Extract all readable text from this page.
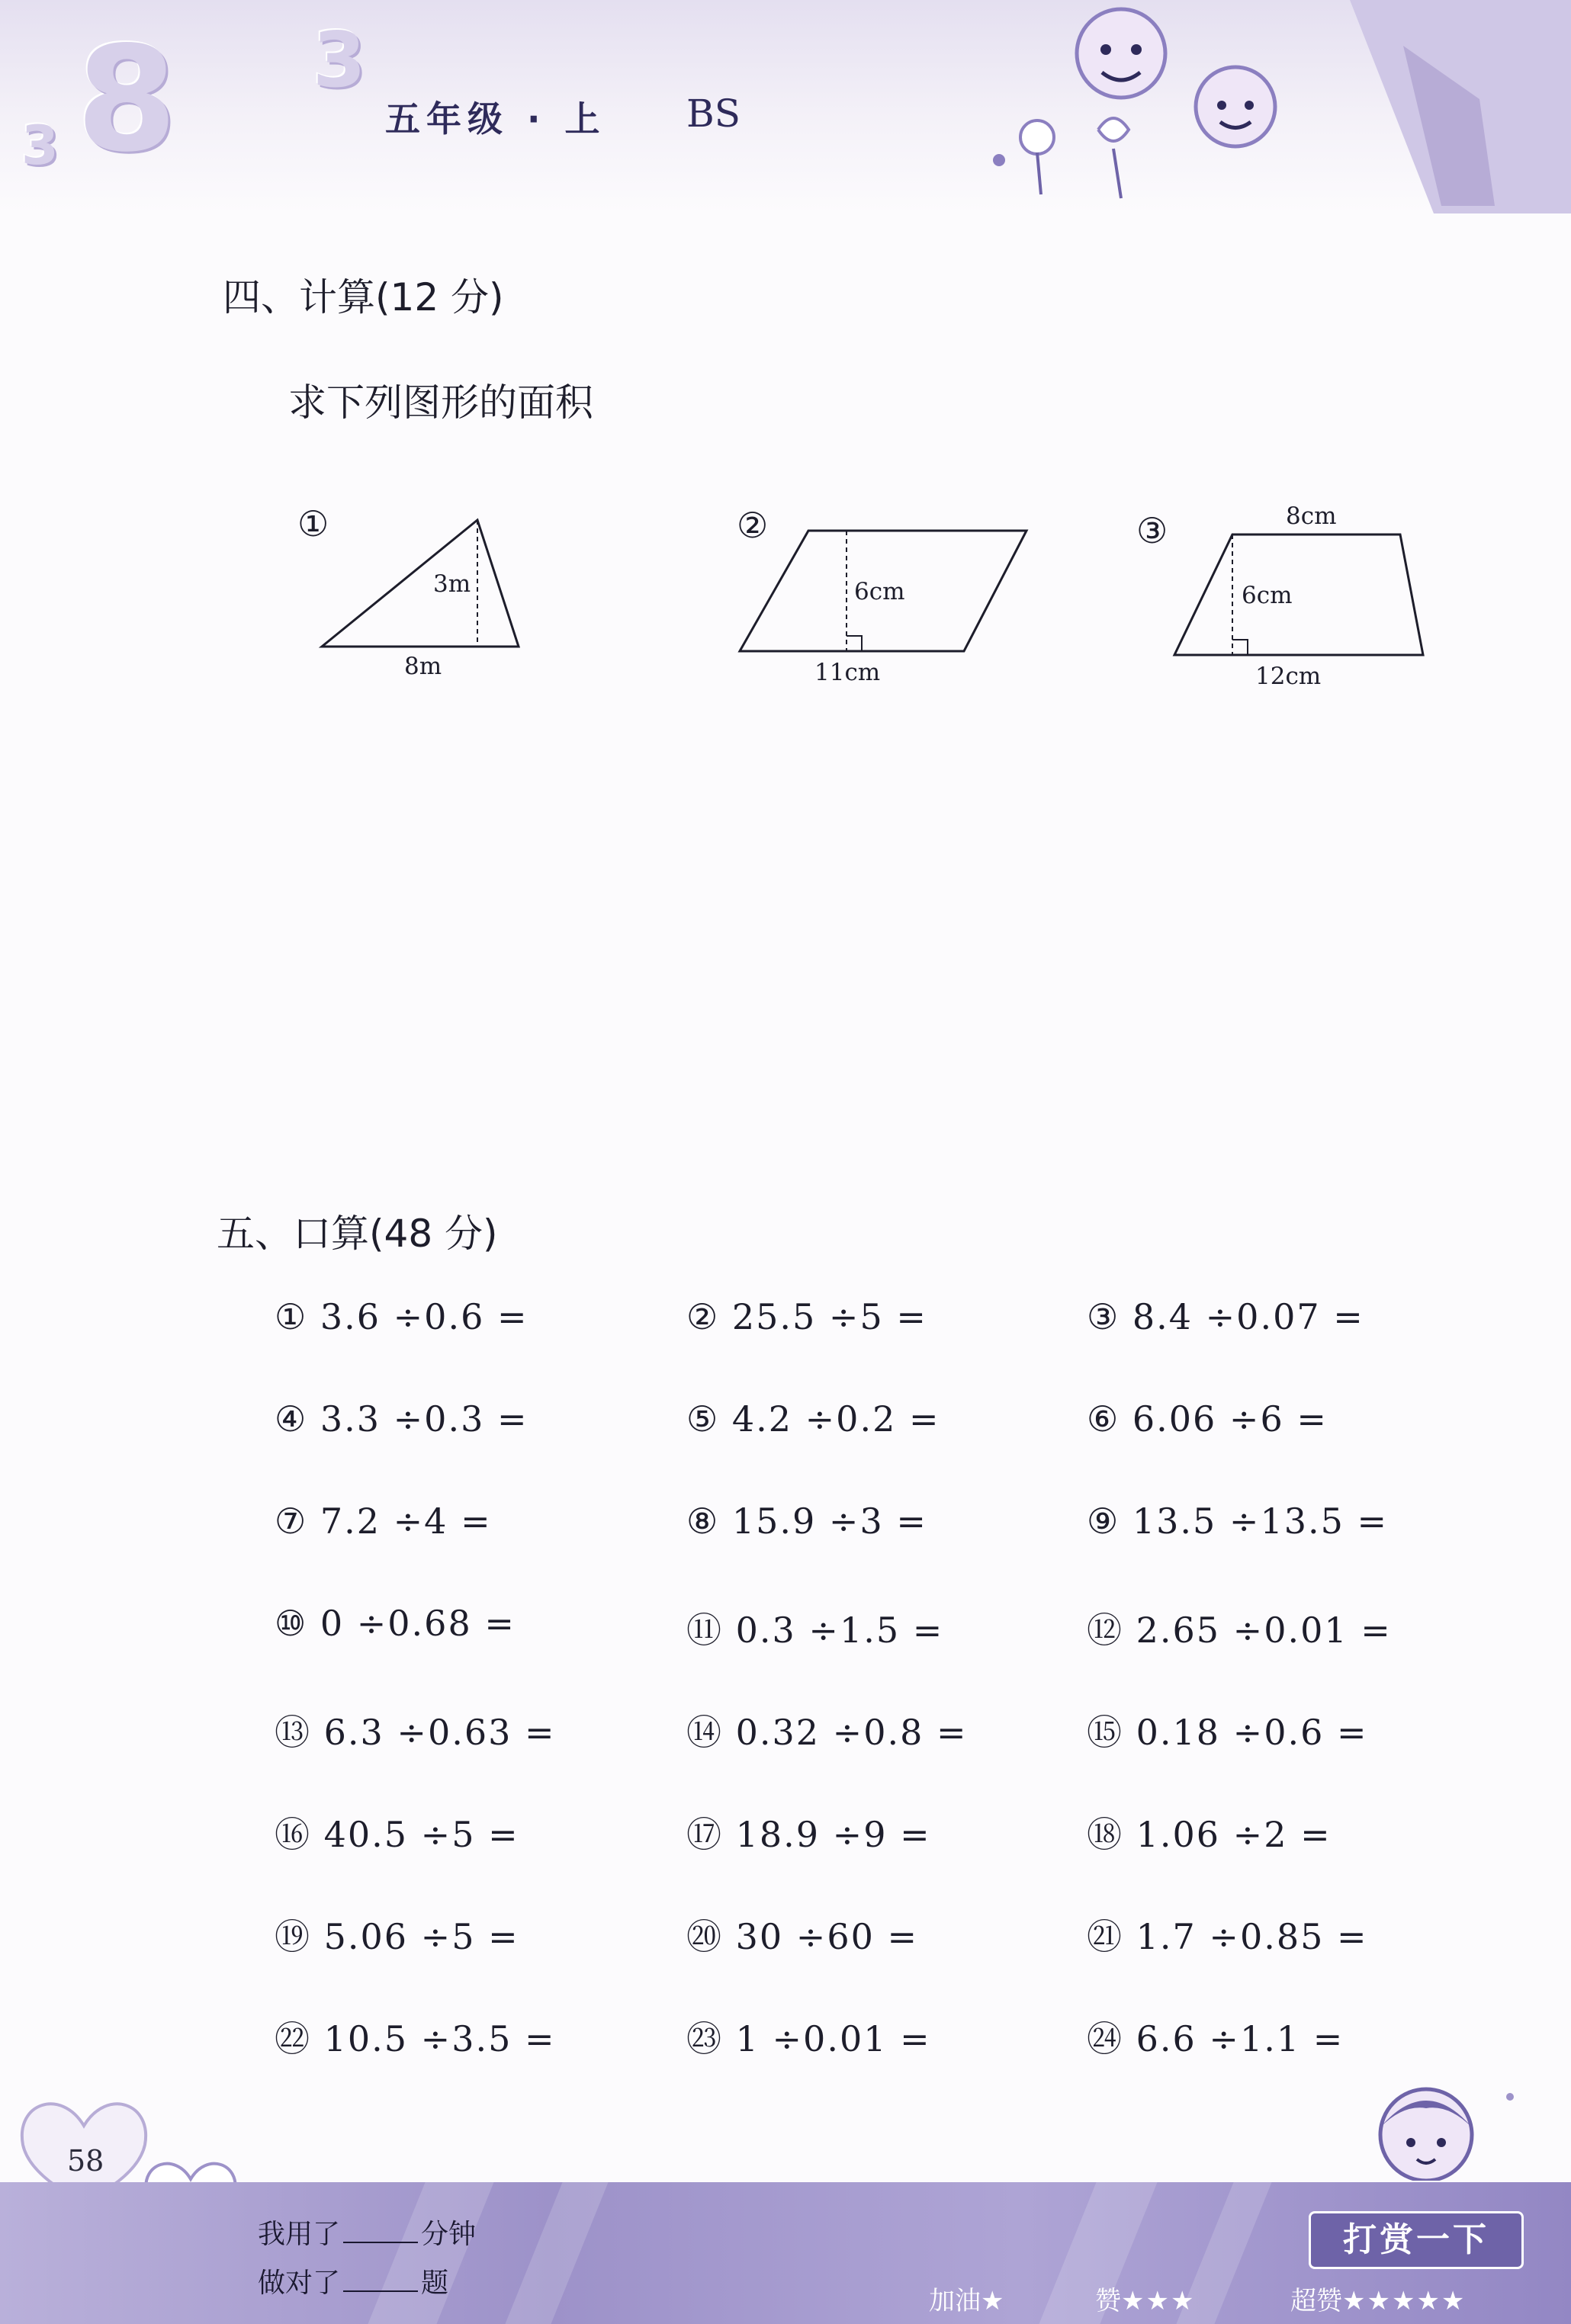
3 8 3
五年级 · 上 BS
四、计算(12 分)
求下列图形的面积
①
3m
8m
②
6cm
11cm
③	8cm
6cm
12cm
五、口算(48 分)
① 3.6 ÷0.6 =	② 25.5 ÷5 =	③ 8.4 ÷0.07 =
④ 3.3 ÷0.3 =	⑤ 4.2 ÷0.2 =	⑥ 6.06 ÷6 =
⑦ 7.2 ÷4 =	⑧ 15.9 ÷3 =	⑨ 13.5 ÷13.5 =
⑩ 0 ÷0.68 =	⑪ 0.3 ÷1.5 =	⑫ 2.65 ÷0.01 =
⑬ 6.3 ÷0.63 =	⑭ 0.32 ÷0.8 =	⑮ 0.18 ÷0.6 =
⑯ 40.5 ÷5 =	⑰ 18.9 ÷9 =	⑱ 1.06 ÷2 =
⑲ 5.06 ÷5 =	⑳ 30 ÷60 =	㉑ 1.7 ÷0.85 =
㉒ 10.5 ÷3.5 =	㉓ 1 ÷0.01 =	㉔ 6.6 ÷1.1 =
58
我用了	分钟
做对了	题
打赏一下
加油★	赞★★★	超赞★★★★★
